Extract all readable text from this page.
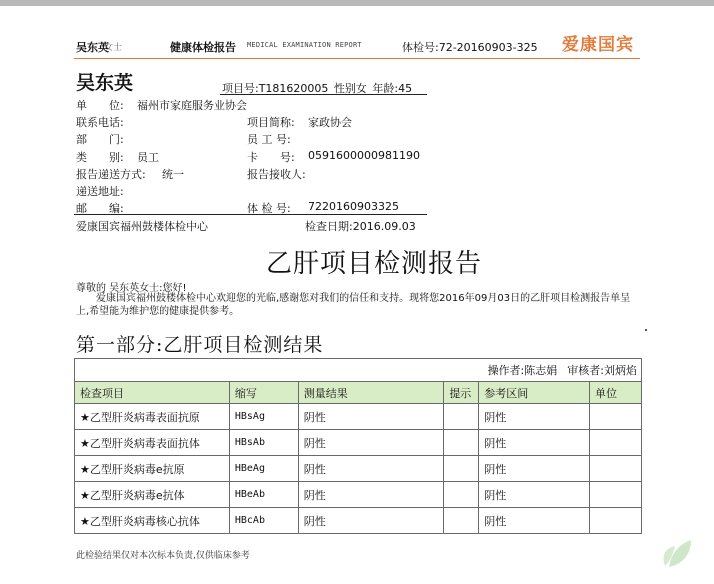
吴东英
女士	健康体检报告 MEDICAL EXAMINATION REPORT	体检号:72-20160903-325 爱康国宾
吴东英	项目号:T181620005 性别女 年龄:45
单　　位: 福州市家庭服务业协会
联系电话:	项目简称: 家政协会
部　　门:	员 工 号:
类　　别: 员工	卡　　号: 0591600000981190
报告递送方式: 统一	报告接收人:
递送地址:
邮　　编:	体 检 号: 7220160903325
爱康国宾福州鼓楼体检中心	检查日期:2016.09.03
乙肝项目检测报告
尊敬的 吴东英女士:您好!
爱康国宾福州鼓楼体检中心欢迎您的光临,感谢您对我们的信任和支持。现将您2016年09月03日的乙肝项目检测报告单呈上,希望能为维护您的健康提供参考。
第一部分:乙肝项目检测结果
操作者:陈志娟 审核者:刘炳焰					
检查项目	缩写	测量结果	提示	参考区间	单位
★乙型肝炎病毒表面抗原	HBsAg	阴性		阴性	
★乙型肝炎病毒表面抗体	HBsAb	阴性		阴性	
★乙型肝炎病毒e抗原	HBeAg	阴性		阴性	
★乙型肝炎病毒e抗体	HBeAb	阴性		阴性	
★乙型肝炎病毒核心抗体	HBcAb	阴性		阴性	
此检验结果仅对本次标本负责,仅供临床参考
